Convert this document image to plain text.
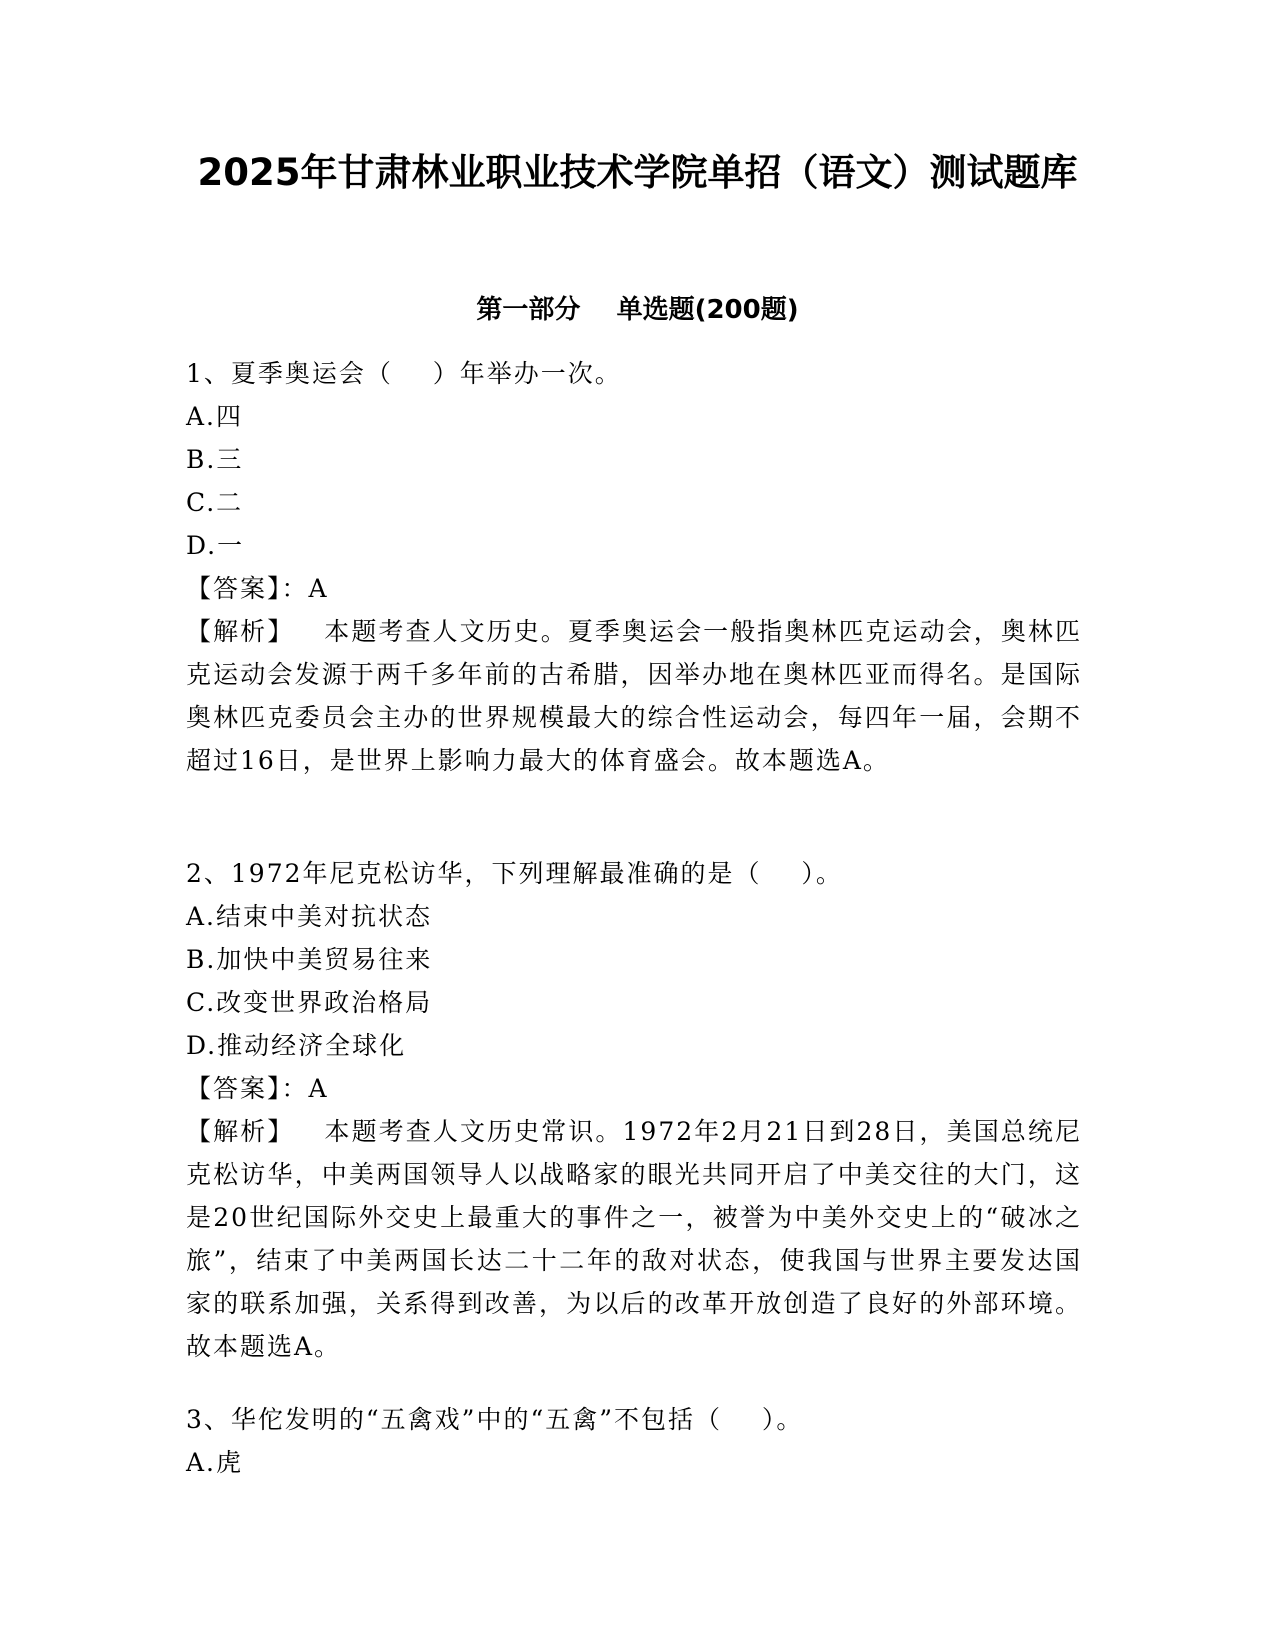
2025年甘肃林业职业技术学院单招（语文）测试题库
第一部分    单选题(200题)
1、夏季奥运会（    ）年举办一次。
A.四
B.三
C.二
D.一
【答案】：A
【解析】   本题考查人文历史。夏季奥运会一般指奥林匹克运动会，奥林匹克运动会发源于两千多年前的古希腊，因举办地在奥林匹亚而得名。是国际奥林匹克委员会主办的世界规模最大的综合性运动会，每四年一届，会期不超过16日，是世界上影响力最大的体育盛会。故本题选A。
2、1972年尼克松访华，下列理解最准确的是（    ）。
A.结束中美对抗状态
B.加快中美贸易往来
C.改变世界政治格局
D.推动经济全球化
【答案】：A
【解析】   本题考查人文历史常识。1972年2月21日到28日，美国总统尼克松访华，中美两国领导人以战略家的眼光共同开启了中美交往的大门，这是20世纪国际外交史上最重大的事件之一，被誉为中美外交史上的“破冰之旅”，结束了中美两国长达二十二年的敌对状态，使我国与世界主要发达国家的联系加强，关系得到改善，为以后的改革开放创造了良好的外部环境。故本题选A。
3、华佗发明的“五禽戏”中的“五禽”不包括（    ）。
A.虎
